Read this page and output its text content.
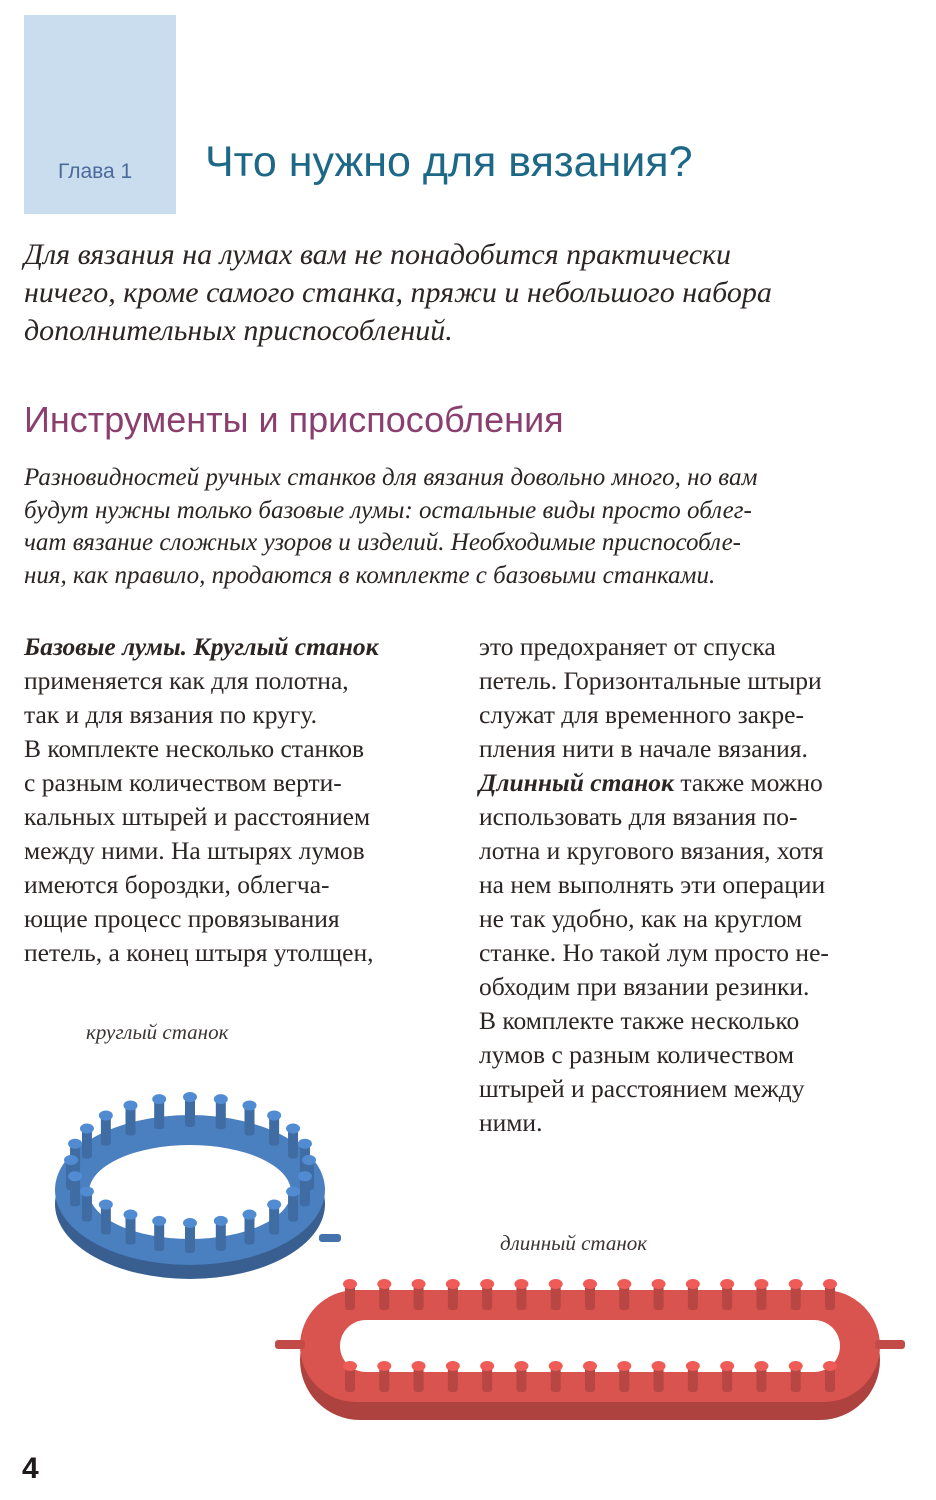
Глава 1 Что нужно для вязания?

Для вязания на лумах вам не понадобится практически
ничего, кроме самого станка, пряжи и небольшого набора
дополнительных приспособлений.

Инструменты и приспособления

Разновидностей ручных станков для вязания довольно много, но вам
будут нужны только базовые лумы: остальные виды просто облег-
чат вязание сложных узоров и изделий. Необходимые приспособле-
ния, как правило, продаются в комплекте с базовыми станками.

Базовые лумы. Круглый станок
применяется как для полотна,
так и для вязания по кругу.
В комплекте несколько станков
с разным количеством верти-
кальных штырей и расстоянием
между ними. На штырях лумов
имеются бороздки, облегча-
ющие процесс провязывания
петель, а конец штыря утолщен,
это предохраняет от спуска
петель. Горизонтальные штыри
служат для временного закре-
пления нити в начале вязания.
Длинный станок также можно
использовать для вязания по-
лотна и кругового вязания, хотя
на нем выполнять эти операции
не так удобно, как на круглом
станке. Но такой лум просто не-
обходим при вязании резинки.
В комплекте также несколько
лумов с разным количеством
штырей и расстоянием между
ними.

круглый станок

длинный станок

4
